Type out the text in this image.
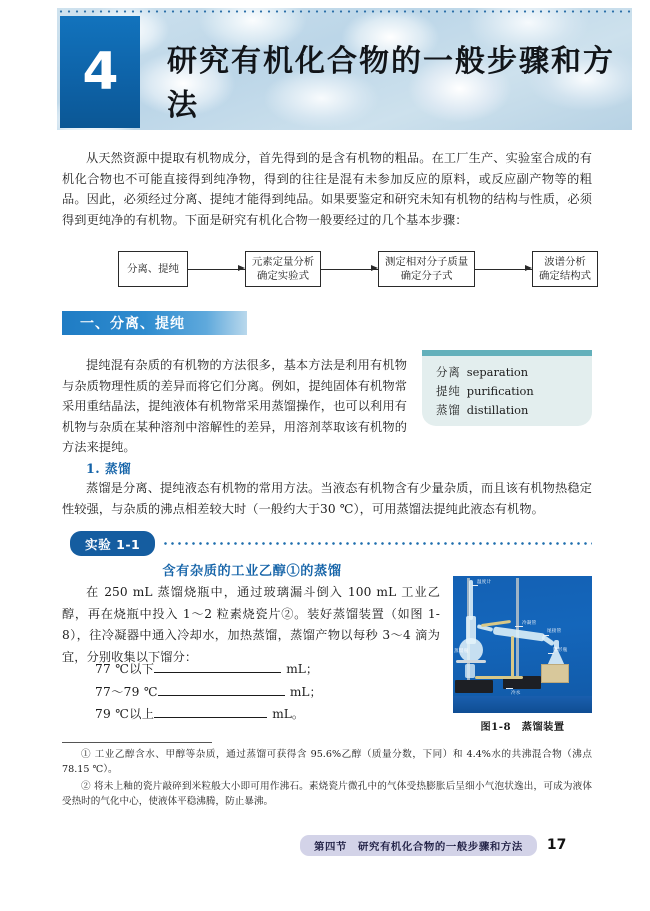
4	研究有机化合物的一般步骤和方法
从天然资源中提取有机物成分，首先得到的是含有机物的粗品。在工厂生产、实验室合成的有机化合物也不可能直接得到纯净物，得到的往往是混有未参加反应的原料，或反应副产物等的粗品。因此，必须经过分离、提纯才能得到纯品。如果要鉴定和研究未知有机物的结构与性质，必须得到更纯净的有机物。下面是研究有机化合物一般要经过的几个基本步骤：
分离、提纯
元素定量分析
确定实验式
测定相对分子质量
确定分子式
波谱分析
确定结构式
一、分离、提纯
提纯混有杂质的有机物的方法很多，基本方法是利用有机物与杂质物理性质的差异而将它们分离。例如，提纯固体有机物常采用重结晶法，提纯液体有机物常采用蒸馏操作，也可以利用有机物与杂质在某种溶剂中溶解性的差异，用溶剂萃取该有机物的方法来提纯。
分离 separation
提纯 purification
蒸馏 distillation
1. 蒸馏
蒸馏是分离、提纯液态有机物的常用方法。当液态有机物含有少量杂质，而且该有机物热稳定性较强，与杂质的沸点相差较大时（一般约大于30 ℃），可用蒸馏法提纯此液态有机物。
实验 1-1
含有杂质的工业乙醇①的蒸馏
在 250 mL 蒸馏烧瓶中，通过玻璃漏斗倒入 100 mL 工业乙醇，再在烧瓶中投入 1～2 粒素烧瓷片②。装好蒸馏装置（如图 1-8），往冷凝器中通入冷却水，加热蒸馏，蒸馏产物以每秒 3～4 滴为宜，分别收集以下馏分：
77 ℃以下	mL；
77～79 ℃	mL；
79 ℃以上	mL。
温度计
冷凝管
尾接管
锥形瓶
冷水
蒸馏瓶
图1-8　蒸馏装置
① 工业乙醇含水、甲醇等杂质，通过蒸馏可获得含 95.6%乙醇（质量分数，下同）和 4.4%水的共沸混合物（沸点 78.15 ℃）。
② 将未上釉的瓷片敲碎到米粒般大小即可用作沸石。素烧瓷片微孔中的气体受热膨胀后呈细小气泡状逸出，可成为液体受热时的气化中心，使液体平稳沸腾，防止暴沸。
第四节　研究有机化合物的一般步骤和方法	17
